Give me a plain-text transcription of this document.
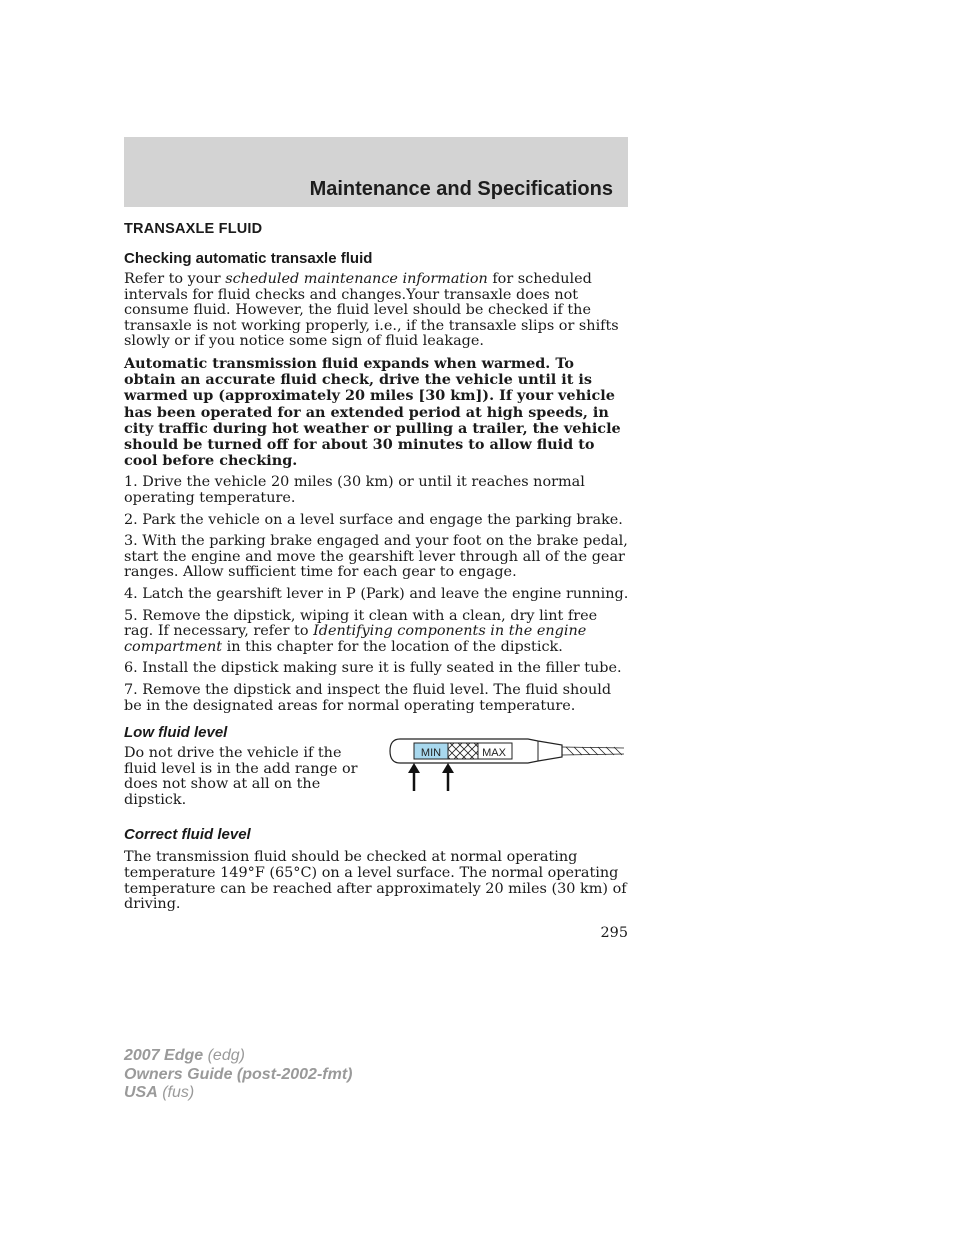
Maintenance and Specifications
TRANSAXLE FLUID
Checking automatic transaxle fluid

Refer to your scheduled maintenance information for scheduled intervals for fluid checks and changes.Your transaxle does not consume fluid. However, the fluid level should be checked if the transaxle is not working properly, i.e., if the transaxle slips or shifts slowly or if you notice some sign of fluid leakage.

Automatic transmission fluid expands when warmed. To obtain an accurate fluid check, drive the vehicle until it is warmed up (approximately 20 miles [30 km]). If your vehicle has been operated for an extended period at high speeds, in city traffic during hot weather or pulling a trailer, the vehicle should be turned off for about 30 minutes to allow fluid to cool before checking.

1. Drive the vehicle 20 miles (30 km) or until it reaches normal operating temperature.

2. Park the vehicle on a level surface and engage the parking brake.

3. With the parking brake engaged and your foot on the brake pedal, start the engine and move the gearshift lever through all of the gear ranges. Allow sufficient time for each gear to engage.

4. Latch the gearshift lever in P (Park) and leave the engine running.

5. Remove the dipstick, wiping it clean with a clean, dry lint free rag. If necessary, refer to Identifying components in the engine compartment in this chapter for the location of the dipstick.

6. Install the dipstick making sure it is fully seated in the filler tube.

7. Remove the dipstick and inspect the fluid level. The fluid should be in the designated areas for normal operating temperature.

Low fluid level

Do not drive the vehicle if the fluid level is in the add range or does not show at all on the dipstick.

MIN	MAX
Correct fluid level

The transmission fluid should be checked at normal operating temperature 149°F (65°C) on a level surface. The normal operating temperature can be reached after approximately 20 miles (30 km) of driving.

295
2007 Edge (edg)
Owners Guide (post-2002-fmt)
USA (fus)
